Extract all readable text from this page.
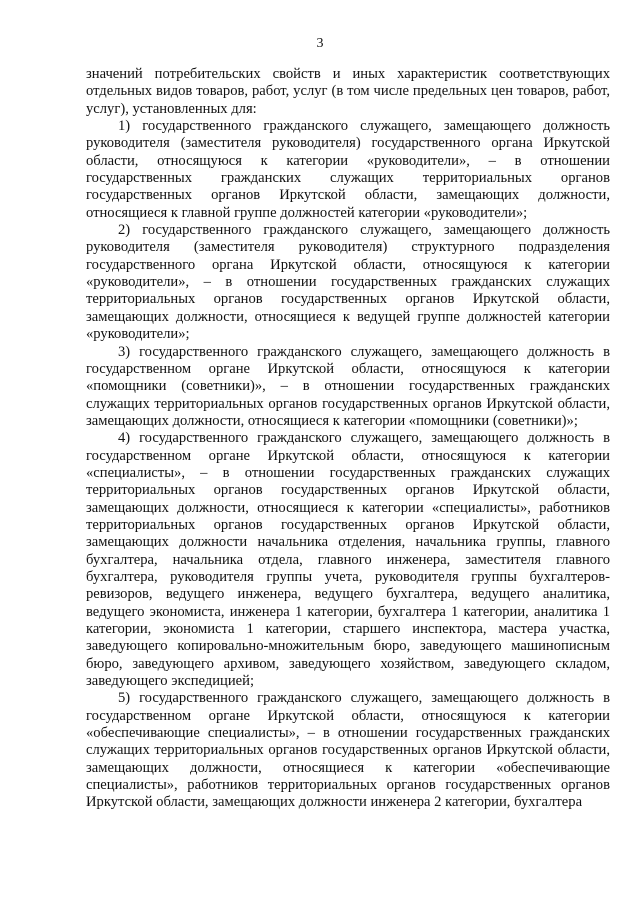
3

значений потребительских свойств и иных характеристик соответствующих отдельных видов товаров, работ, услуг (в том числе предельных цен товаров, работ, услуг), установленных для:

1) государственного гражданского служащего, замещающего должность руководителя (заместителя руководителя) государственного органа Иркутской области, относящуюся к категории «руководители», – в отношении государственных гражданских служащих территориальных органов государственных органов Иркутской области, замещающих должности, относящиеся к главной группе должностей категории «руководители»;

2) государственного гражданского служащего, замещающего должность руководителя (заместителя руководителя) структурного подразделения государственного органа Иркутской области, относящуюся к категории «руководители», – в отношении государственных гражданских служащих территориальных органов государственных органов Иркутской области, замещающих должности, относящиеся к ведущей группе должностей категории «руководители»;

3) государственного гражданского служащего, замещающего должность в государственном органе Иркутской области, относящуюся к категории «помощники (советники)», – в отношении государственных гражданских служащих территориальных органов государственных органов Иркутской области, замещающих должности, относящиеся к категории «помощники (советники)»;

4) государственного гражданского служащего, замещающего должность в государственном органе Иркутской области, относящуюся к категории «специалисты», – в отношении государственных гражданских служащих территориальных органов государственных органов Иркутской области, замещающих должности, относящиеся к категории «специалисты», работников территориальных органов государственных органов Иркутской области, замещающих должности начальника отделения, начальника группы, главного бухгалтера, начальника отдела, главного инженера, заместителя главного бухгалтера, руководителя группы учета, руководителя группы бухгалтеров-ревизоров, ведущего инженера, ведущего бухгалтера, ведущего аналитика, ведущего экономиста, инженера 1 категории, бухгалтера 1 категории, аналитика 1 категории, экономиста 1 категории, старшего инспектора, мастера участка, заведующего копировально-множительным бюро, заведующего машинописным бюро, заведующего архивом, заведующего хозяйством, заведующего складом, заведующего экспедицией;

5) государственного гражданского служащего, замещающего должность в государственном органе Иркутской области, относящуюся к категории «обеспечивающие специалисты», – в отношении государственных гражданских служащих территориальных органов государственных органов Иркутской области, замещающих должности, относящиеся к категории «обеспечивающие специалисты», работников территориальных органов государственных органов Иркутской области, замещающих должности инженера 2 категории, бухгалтера
